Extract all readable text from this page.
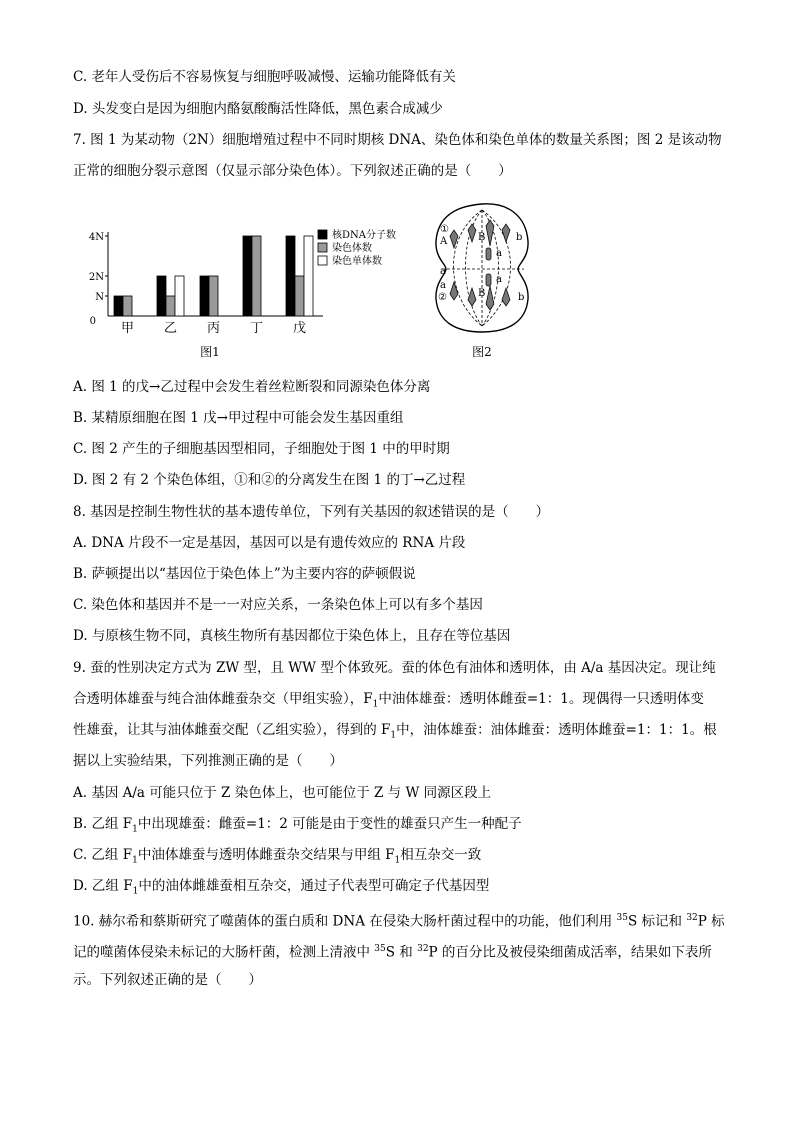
C. 老年人受伤后不容易恢复与细胞呼吸减慢、运输功能降低有关
D. 头发变白是因为细胞内酪氨酸酶活性降低，黑色素合成减少
7. 图 1 为某动物（2N）细胞增殖过程中不同时期核 DNA、染色体和染色单体的数量关系图；图 2 是该动物
正常的细胞分裂示意图（仅显示部分染色体）。下列叙述正确的是（　　）
4N
2N
N
0 甲 乙 丙 丁 戊
核DNA分子数
染色体数
染色单体数
图1
①
A	B
a
b
a
a
②	B
a
b
图2
A. 图 1 的戊→乙过程中会发生着丝粒断裂和同源染色体分离
B. 某精原细胞在图 1 戊→甲过程中可能会发生基因重组
C. 图 2 产生的子细胞基因型相同，子细胞处于图 1 中的甲时期
D. 图 2 有 2 个染色体组，①和②的分离发生在图 1 的丁→乙过程
8. 基因是控制生物性状的基本遗传单位，下列有关基因的叙述错误的是（　　）
A. DNA 片段不一定是基因，基因可以是有遗传效应的 RNA 片段
B. 萨顿提出以“基因位于染色体上”为主要内容的萨顿假说
C. 染色体和基因并不是一一对应关系，一条染色体上可以有多个基因
D. 与原核生物不同，真核生物所有基因都位于染色体上，且存在等位基因
9. 蚕的性别决定方式为 ZW 型，且 WW 型个体致死。蚕的体色有油体和透明体，由 A/a 基因决定。现让纯
合透明体雄蚕与纯合油体雌蚕杂交（甲组实验），$F_1$中油体雄蚕：透明体雌蚕=1：1。现偶得一只透明体变
性雄蚕，让其与油体雌蚕交配（乙组实验），得到的 $F_1$中，油体雄蚕：油体雌蚕：透明体雌蚕=1：1：1。根
据以上实验结果，下列推测正确的是（　　）
A. 基因 A/a 可能只位于 Z 染色体上，也可能位于 Z 与 W 同源区段上
B. 乙组 $F_1$中出现雄蚕：雌蚕=1：2 可能是由于变性的雄蚕只产生一种配子
C. 乙组 $F_1$中油体雄蚕与透明体雌蚕杂交结果与甲组 $F_1$相互杂交一致
D. 乙组 $F_1$中的油体雌雄蚕相互杂交，通过子代表型可确定子代基因型
10. 赫尔希和蔡斯研究了噬菌体的蛋白质和 DNA 在侵染大肠杆菌过程中的功能，他们利用 $^{35}$S 标记和 $^{32}$P 标
记的噬菌体侵染未标记的大肠杆菌，检测上清液中 $^{35}$S 和 $^{32}$P 的百分比及被侵染细菌成活率，结果如下表所
示。下列叙述正确的是（　　）
